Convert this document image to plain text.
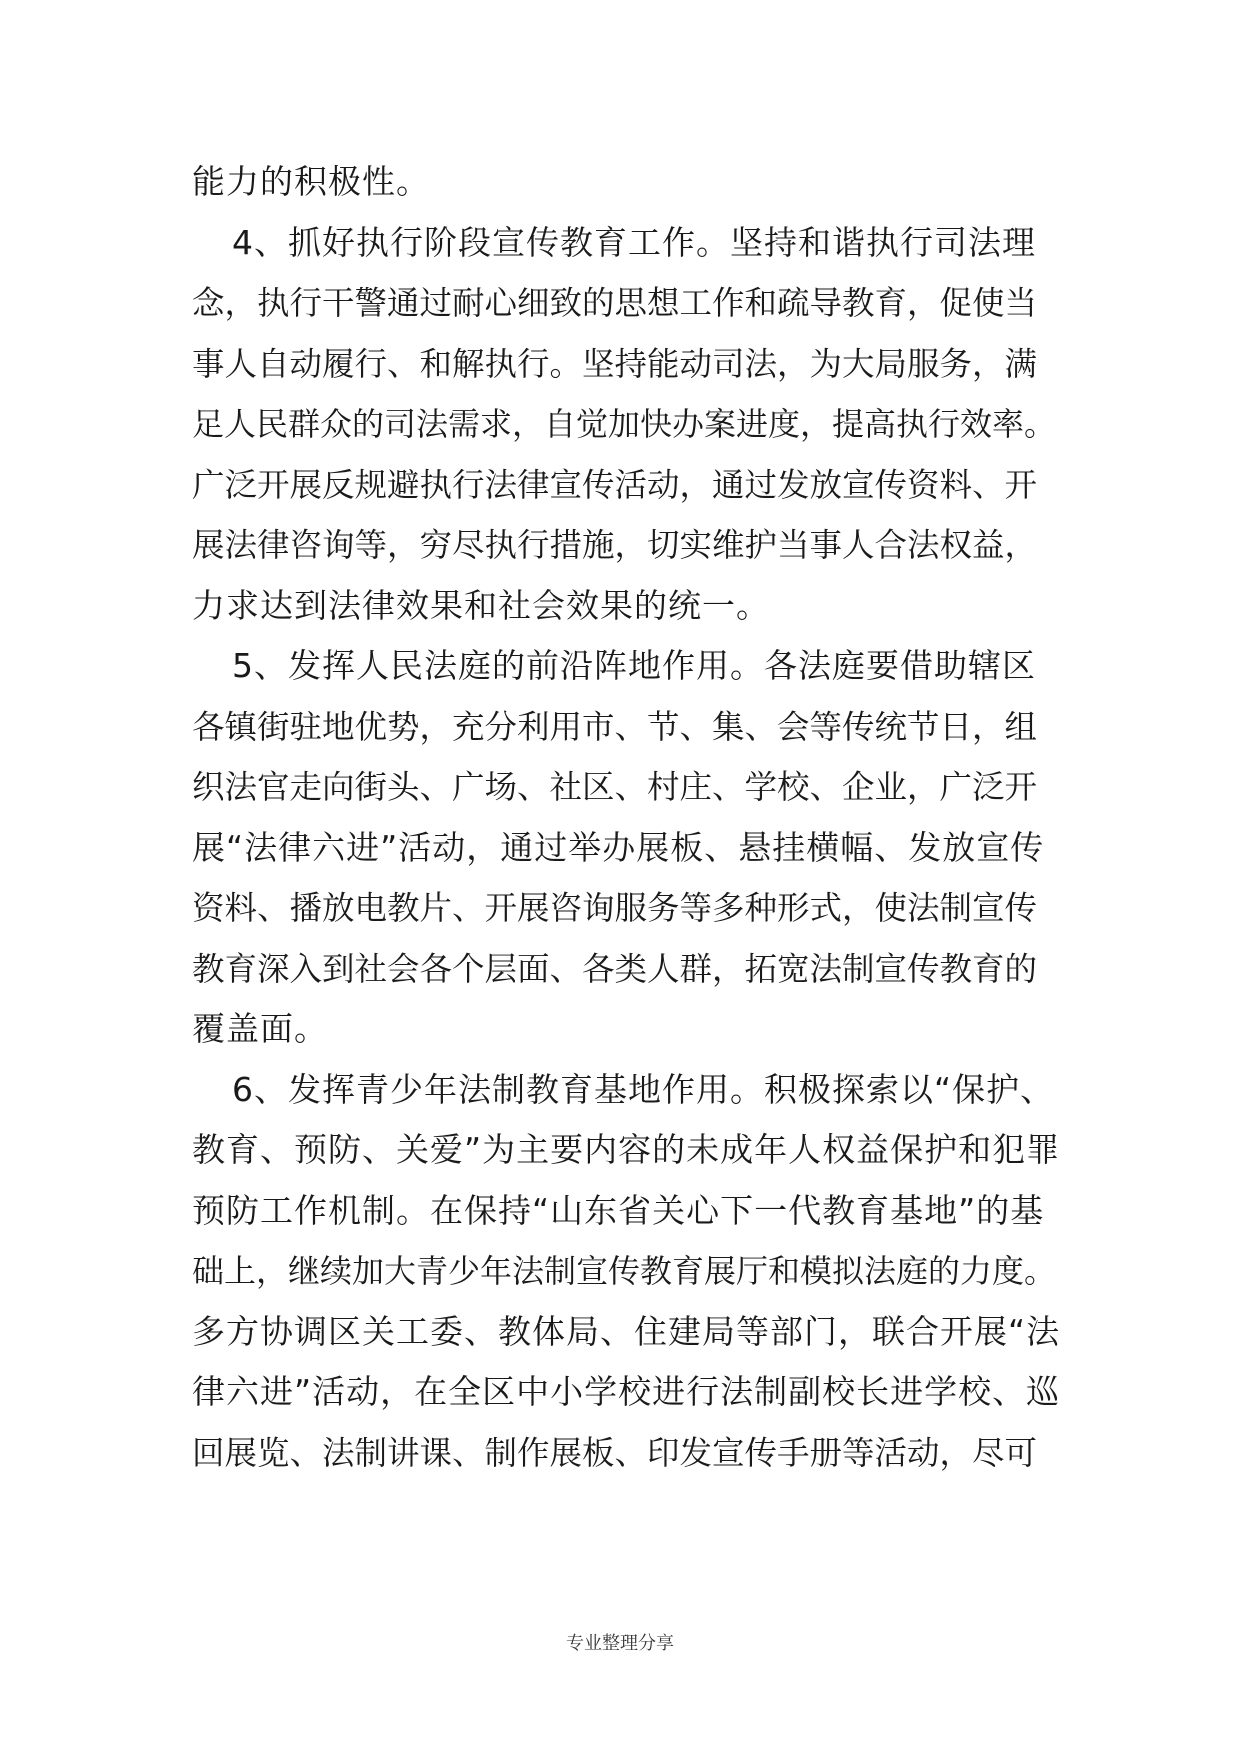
能力的积极性。
4、抓好执行阶段宣传教育工作。坚持和谐执行司法理
念，执行干警通过耐心细致的思想工作和疏导教育，促使当
事人自动履行、和解执行。坚持能动司法，为大局服务，满
足人民群众的司法需求，自觉加快办案进度，提高执行效率。
广泛开展反规避执行法律宣传活动，通过发放宣传资料、开
展法律咨询等，穷尽执行措施，切实维护当事人合法权益，
力求达到法律效果和社会效果的统一。
5、发挥人民法庭的前沿阵地作用。各法庭要借助辖区
各镇街驻地优势，充分利用市、节、集、会等传统节日，组
织法官走向街头、广场、社区、村庄、学校、企业，广泛开
展“法律六进”活动，通过举办展板、悬挂横幅、发放宣传
资料、播放电教片、开展咨询服务等多种形式，使法制宣传
教育深入到社会各个层面、各类人群，拓宽法制宣传教育的
覆盖面。
6、发挥青少年法制教育基地作用。积极探索以“保护、
教育、预防、关爱”为主要内容的未成年人权益保护和犯罪
预防工作机制。在保持“山东省关心下一代教育基地”的基
础上，继续加大青少年法制宣传教育展厅和模拟法庭的力度。
多方协调区关工委、教体局、住建局等部门，联合开展“法
律六进”活动，在全区中小学校进行法制副校长进学校、巡
回展览、法制讲课、制作展板、印发宣传手册等活动，尽可
专业整理分享
